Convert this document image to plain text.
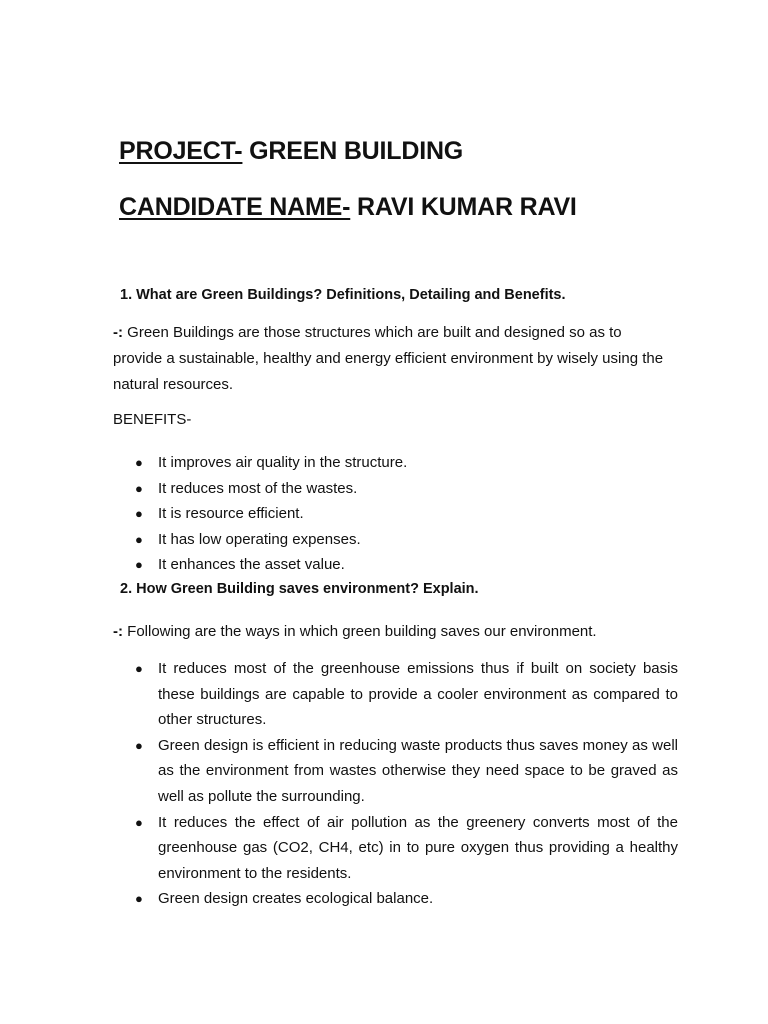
PROJECT- GREEN BUILDING
CANDIDATE NAME- RAVI KUMAR RAVI
1. What are Green Buildings? Definitions, Detailing and Benefits.
-: Green Buildings are those structures which are built and designed so as to provide a sustainable, healthy and energy efficient environment by wisely using the natural resources.
BENEFITS-
● It improves air quality in the structure.
● It reduces most of the wastes.
● It is resource efficient.
● It has low operating expenses.
● It enhances the asset value.
2. How Green Building saves environment? Explain.
-: Following are the ways in which green building saves our environment.
● It reduces most of the greenhouse emissions thus if built on society basis these buildings are capable to provide a cooler environment as compared to other structures.
● Green design is efficient in reducing waste products thus saves money as well as the environment from wastes otherwise they need space to be graved as well as pollute the surrounding.
● It reduces the effect of air pollution as the greenery converts most of the greenhouse gas (CO2, CH4, etc) in to pure oxygen thus providing a healthy environment to the residents.
● Green design creates ecological balance.
